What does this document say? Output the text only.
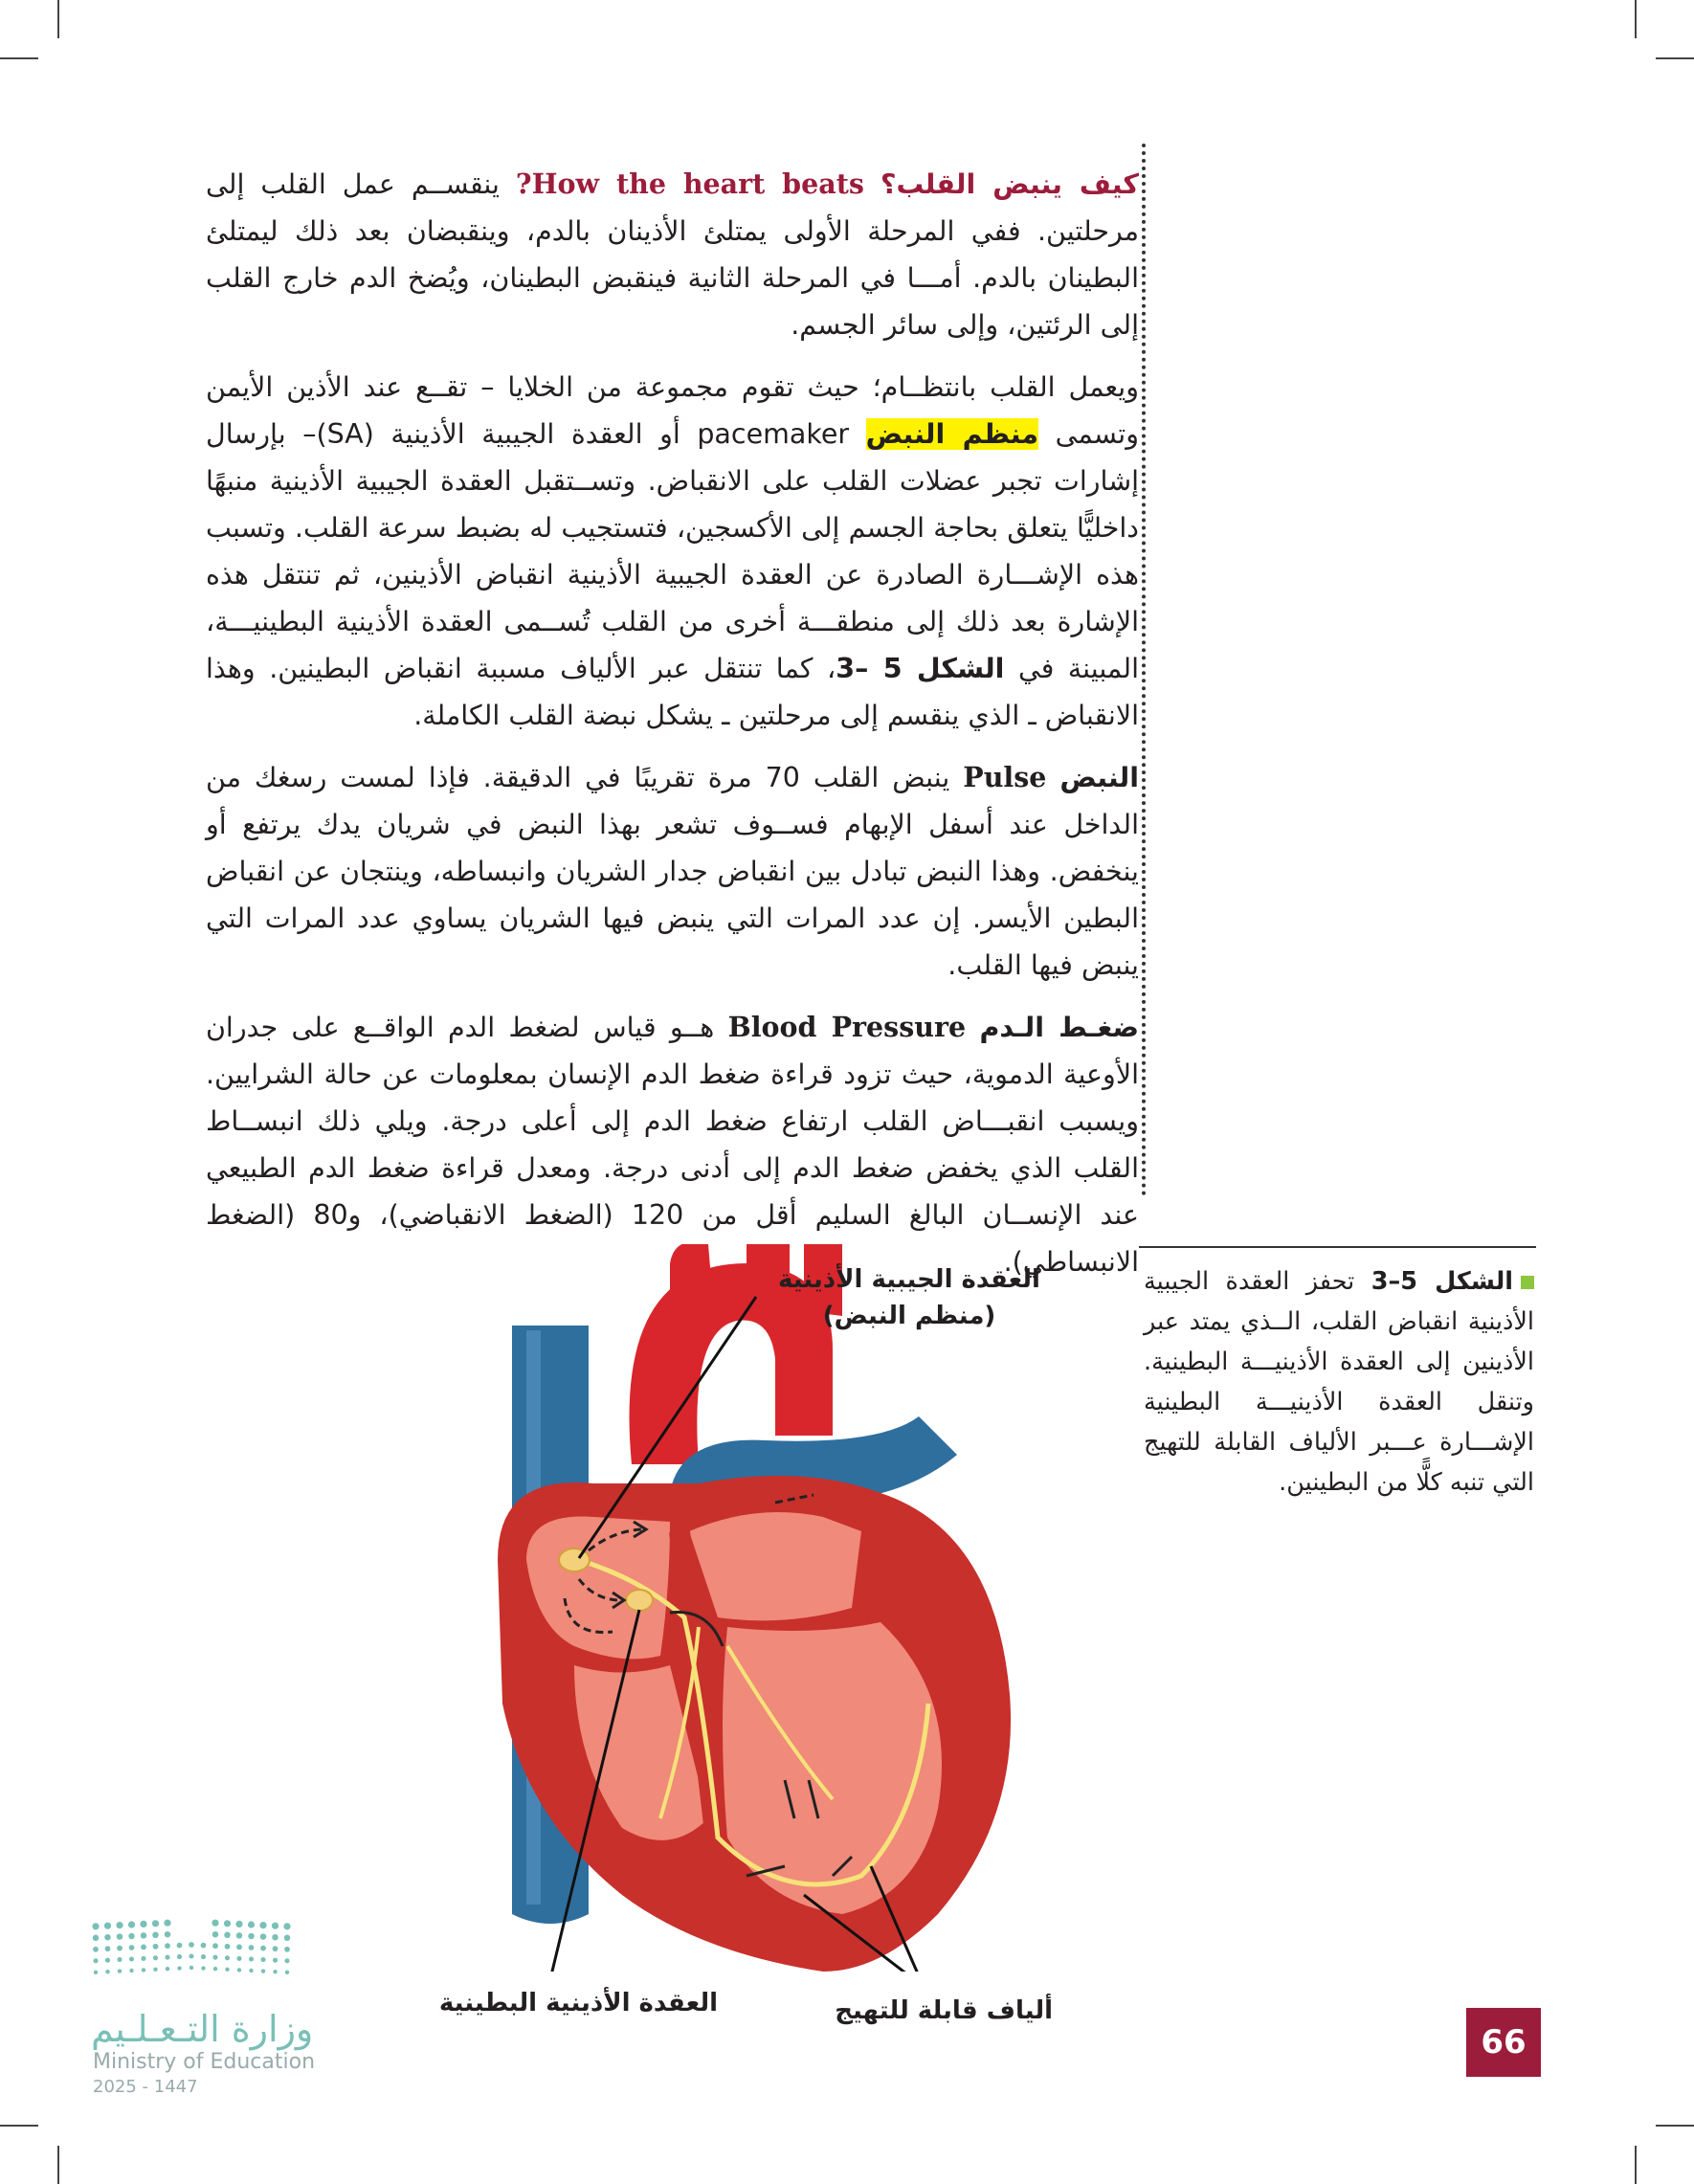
كيف ينبض القلب؟ How the heart beats? ينقســم عمل القلب إلى مرحلتين. ففي المرحلة الأولى يمتلئ الأذينان بالدم، وينقبضان بعد ذلك ليمتلئ البطينان بالدم. أمـــا في المرحلة الثانية فينقبض البطينان، ويُضخ الدم خارج القلب إلى الرئتين، وإلى سائر الجسم.

ويعمل القلب بانتظــام؛ حيث تقوم مجموعة من الخلايا – تقــع عند الأذين الأيمن وتسمى منظم النبض pacemaker أو العقدة الجيبية الأذينية (SA)– بإرسال إشارات تجبر عضلات القلب على الانقباض. وتســتقبل العقدة الجيبية الأذينية منبهًا داخليًّا يتعلق بحاجة الجسم إلى الأكسجين، فتستجيب له بضبط سرعة القلب. وتسبب هذه الإشـــارة الصادرة عن العقدة الجيبية الأذينية انقباض الأذينين، ثم تنتقل هذه الإشارة بعد ذلك إلى منطقـــة أخرى من القلب تُســمى العقدة الأذينية البطينيـــة، المبينة في الشكل 5 –3، كما تنتقل عبر الألياف مسببة انقباض البطينين. وهذا الانقباض ـ الذي ينقسم إلى مرحلتين ـ يشكل نبضة القلب الكاملة.

النبض Pulse ينبض القلب 70 مرة تقريبًا في الدقيقة. فإذا لمست رسغك من الداخل عند أسفل الإبهام فســوف تشعر بهذا النبض في شريان يدك يرتفع أو ينخفض. وهذا النبض تبادل بين انقباض جدار الشريان وانبساطه، وينتجان عن انقباض البطين الأيسر. إن عدد المرات التي ينبض فيها الشريان يساوي عدد المرات التي ينبض فيها القلب.

ضغـط الـدم Blood Pressure هــو قياس لضغط الدم الواقــع على جدران الأوعية الدموية، حيث تزود قراءة ضغط الدم الإنسان بمعلومات عن حالة الشرايين. ويسبب انقبـــاض القلب ارتفاع ضغط الدم إلى أعلى درجة. ويلي ذلك انبســاط القلب الذي يخفض ضغط الدم إلى أدنى درجة. ومعدل قراءة ضغط الدم الطبيعي عند الإنســان البالغ السليم أقل من 120 (الضغط الانقباضي)، و80 (الضغط الانبساطي).

الشكل 5–3 تحفز العقدة الجيبية الأذينية انقباض القلب، الــذي يمتد عبر الأذينين إلى العقدة الأذينيـــة البطينية. وتنقل العقدة الأذينيـــة البطينية الإشـــارة عـــبر الألياف القابلة للتهيج التي تنبه كلًّا من البطينين.
العقدة الجيبية الأذينية
(منظم النبض)
العقدة الأذينية البطينية	ألياف قابلة للتهيج
66
وزارة التـعـلـيم
Ministry of Education
2025 - 1447
